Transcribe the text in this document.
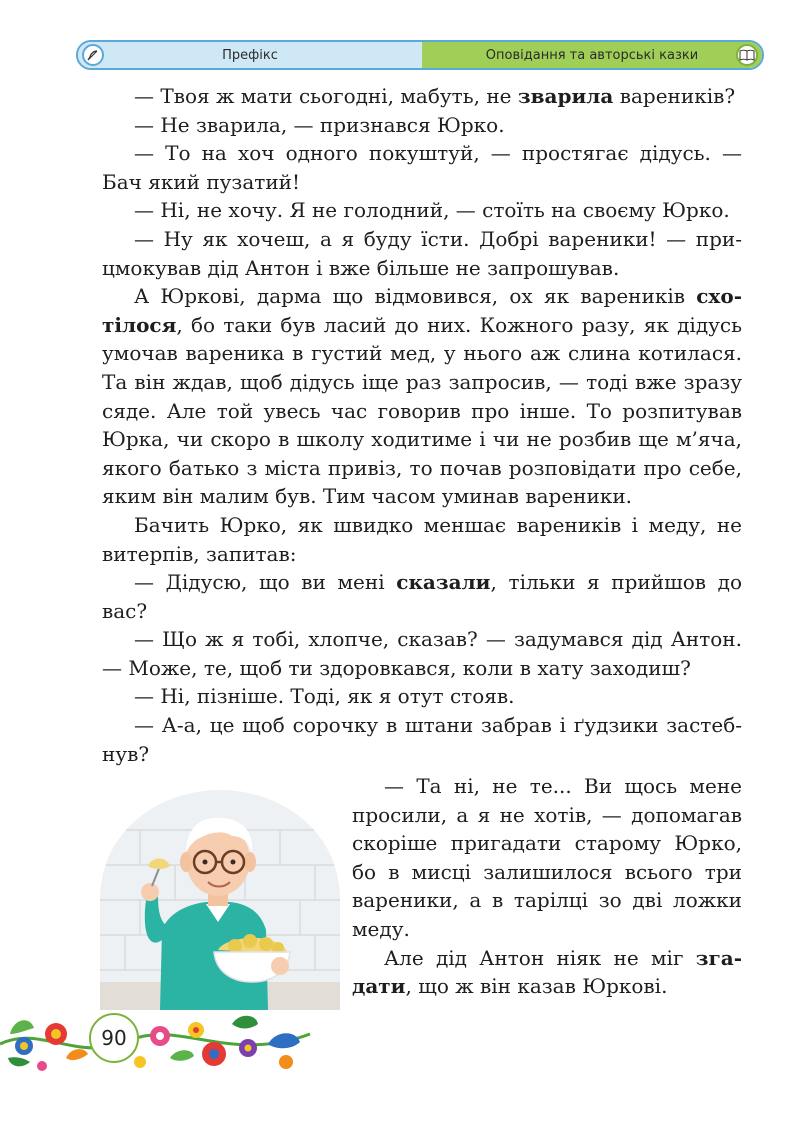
Префікс	Оповідання та авторські казки

— Твоя ж мати сьогодні, мабуть, не зварила вареників?

— Не зварила, — признався Юрко.

— То на хоч одного покуштуй, — простягає дідусь. — Бач який пузатий!

— Ні, не хочу. Я не голодний, — стоїть на своєму Юрко.

— Ну як хочеш, а я буду їсти. Добрі вареники! — прицмокував дід Антон і вже більше не запрошував.

А Юркові, дарма що відмовився, ох як вареників схотілося, бо таки був ласий до них. Кожного разу, як дідусь умочав вареника в густий мед, у нього аж слина котилася. Та він ждав, щоб дідусь іще раз запросив, — тоді вже зразу сяде. Але той увесь час говорив про інше. То розпитував Юрка, чи скоро в школу ходитиме і чи не розбив ще м’яча, якого батько з міста привіз, то почав розповідати про себе, яким він малим був. Тим часом уминав вареники.

Бачить Юрко, як швидко меншає вареників і меду, не витерпів, запитав:

— Дідусю, що ви мені сказали, тільки я прийшов до вас?

— Що ж я тобі, хлопче, сказав? — задумався дід Антон. — Може, те, щоб ти здоровкався, коли в хату заходиш?

— Ні, пізніше. Тоді, як я отут стояв.

— А-а, це щоб сорочку в штани забрав і ґудзики застебнув?

— Та ні, не те... Ви щось мене просили, а я не хотів, — допомагав скоріше пригадати старому Юрко, бо в мисці залишилося всього три вареники, а в тарілці зо дві ложки меду.

Але дід Антон ніяк не міг згадати, що ж він казав Юркові.

90
